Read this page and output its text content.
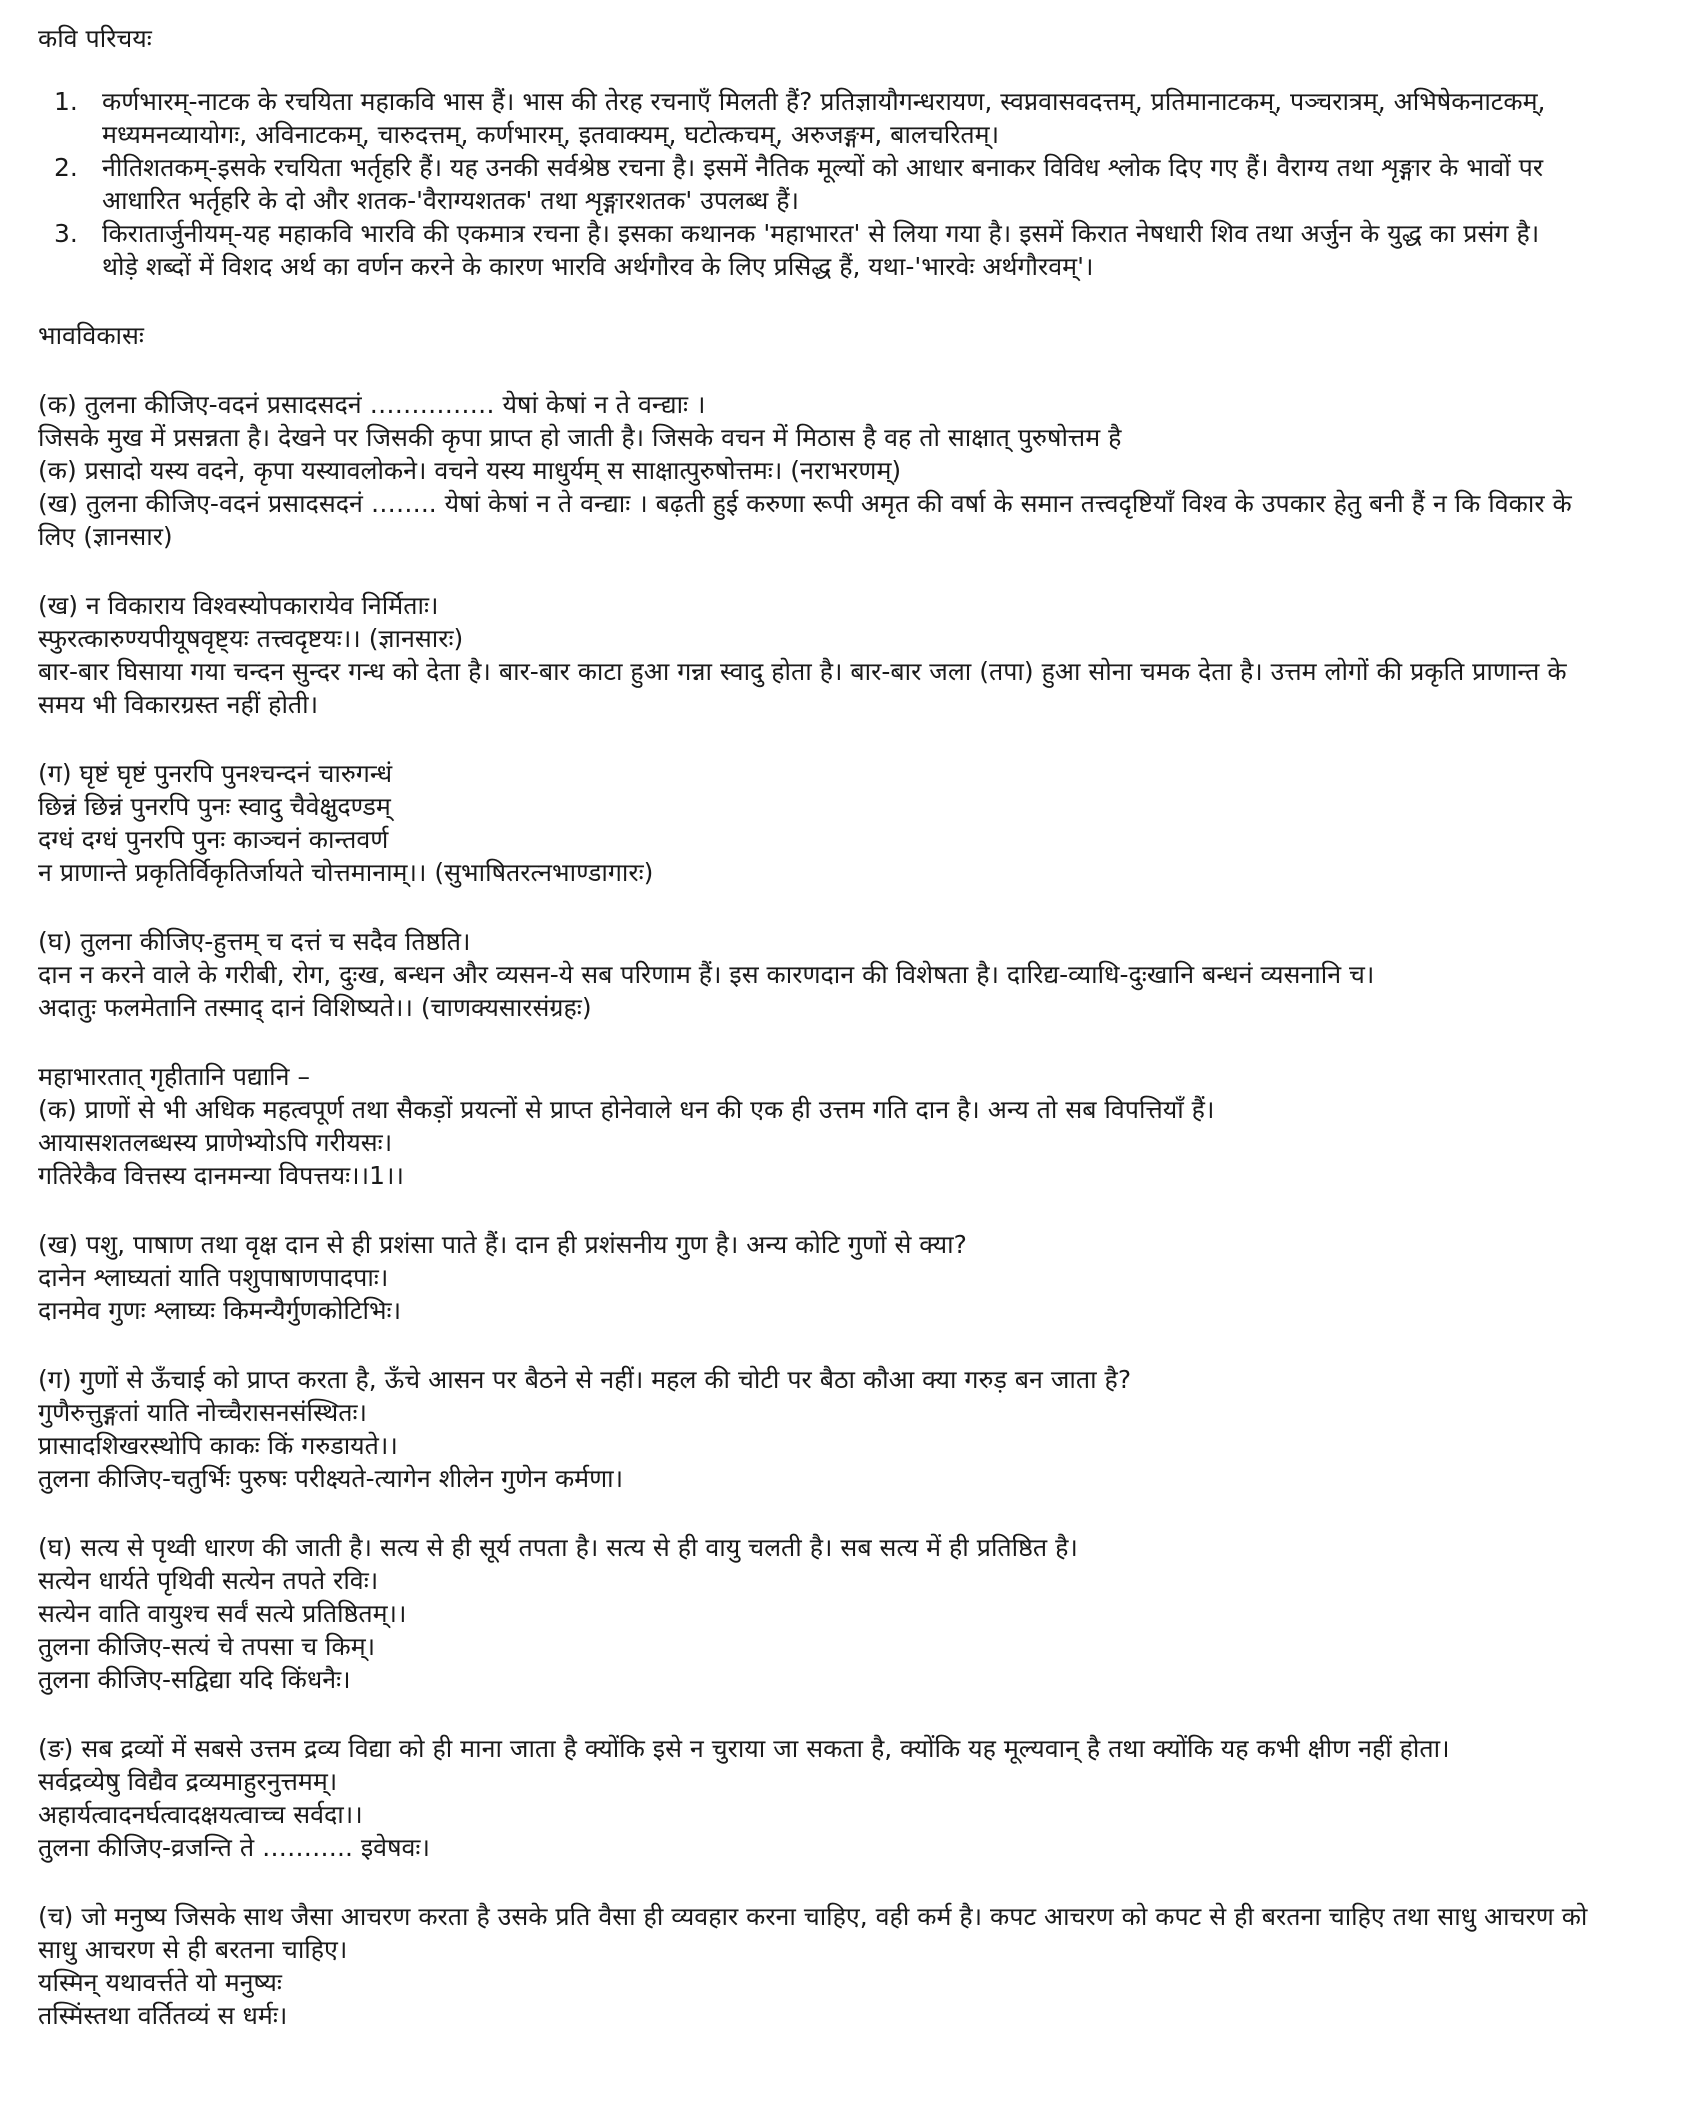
कवि परिचयः
1. कर्णभारम्-नाटक के रचयिता महाकवि भास हैं। भास की तेरह रचनाएँ मिलती हैं? प्रतिज्ञायौगन्धरायण, स्वप्नवासवदत्तम्, प्रतिमानाटकम्, पञ्चरात्रम्, अभिषेकनाटकम्,
मध्यमनव्यायोगः, अविनाटकम्, चारुदत्तम्, कर्णभारम्, इतवाक्यम्, घटोत्कचम्, अरुजङ्गम, बालचरितम्।
2. नीतिशतकम्-इसके रचयिता भर्तृहरि हैं। यह उनकी सर्वश्रेष्ठ रचना है। इसमें नैतिक मूल्यों को आधार बनाकर विविध श्लोक दिए गए हैं। वैराग्य तथा शृङ्गार के भावों पर
आधारित भर्तृहरि के दो और शतक-'वैराग्यशतक' तथा शृङ्गारशतक' उपलब्ध हैं।
3. किरातार्जुनीयम्-यह महाकवि भारवि की एकमात्र रचना है। इसका कथानक 'महाभारत' से लिया गया है। इसमें किरात नेषधारी शिव तथा अर्जुन के युद्ध का प्रसंग है।
थोड़े शब्दों में विशद अर्थ का वर्णन करने के कारण भारवि अर्थगौरव के लिए प्रसिद्ध हैं, यथा-'भारवेः अर्थगौरवम्'।
भावविकासः
(क) तुलना कीजिए-वदनं प्रसादसदनं …………… येषां केषां न ते वन्द्याः ।
जिसके मुख में प्रसन्नता है। देखने पर जिसकी कृपा प्राप्त हो जाती है। जिसके वचन में मिठास है वह तो साक्षात् पुरुषोत्तम है
(क) प्रसादो यस्य वदने, कृपा यस्यावलोकने। वचने यस्य माधुर्यम् स साक्षात्पुरुषोत्तमः। (नराभरणम्)
(ख) तुलना कीजिए-वदनं प्रसादसदनं …….. येषां केषां न ते वन्द्याः । बढ़ती हुई करुणा रूपी अमृत की वर्षा के समान तत्त्वदृष्टियाँ विश्व के उपकार हेतु बनी हैं न कि विकार के
लिए (ज्ञानसार)
(ख) न विकाराय विश्वस्योपकारायेव निर्मिताः।
स्फुरत्कारुण्यपीयूषवृष्ट्यः तत्त्वदृष्टयः।। (ज्ञानसारः)
बार-बार घिसाया गया चन्दन सुन्दर गन्ध को देता है। बार-बार काटा हुआ गन्ना स्वादु होता है। बार-बार जला (तपा) हुआ सोना चमक देता है। उत्तम लोगों की प्रकृति प्राणान्त के
समय भी विकारग्रस्त नहीं होती।
(ग) घृष्टं घृष्टं पुनरपि पुनश्चन्दनं चारुगन्धं
छिन्नं छिन्नं पुनरपि पुनः स्वादु चैवेक्षुदण्डम्
दग्धं दग्धं पुनरपि पुनः काञ्चनं कान्तवर्ण
न प्राणान्ते प्रकृतिर्विकृतिर्जायते चोत्तमानाम्।। (सुभाषितरत्नभाण्डागारः)
(घ) तुलना कीजिए-हुत्तम् च दत्तं च सदैव तिष्ठति।
दान न करने वाले के गरीबी, रोग, दुःख, बन्धन और व्यसन-ये सब परिणाम हैं। इस कारणदान की विशेषता है। दारिद्य-व्याधि-दुःखानि बन्धनं व्यसनानि च।
अदातुः फलमेतानि तस्माद् दानं विशिष्यते।। (चाणक्यसारसंग्रहः)
महाभारतात् गृहीतानि पद्यानि –
(क) प्राणों से भी अधिक महत्वपूर्ण तथा सैकड़ों प्रयत्नों से प्राप्त होनेवाले धन की एक ही उत्तम गति दान है। अन्य तो सब विपत्तियाँ हैं।
आयासशतलब्धस्य प्राणेभ्योऽपि गरीयसः।
गतिरेकैव वित्तस्य दानमन्या विपत्तयः।।1।।
(ख) पशु, पाषाण तथा वृक्ष दान से ही प्रशंसा पाते हैं। दान ही प्रशंसनीय गुण है। अन्य कोटि गुणों से क्या?
दानेन श्लाघ्यतां याति पशुपाषाणपादपाः।
दानमेव गुणः श्लाघ्यः किमन्यैर्गुणकोटिभिः।
(ग) गुणों से ऊँचाई को प्राप्त करता है, ऊँचे आसन पर बैठने से नहीं। महल की चोटी पर बैठा कौआ क्या गरुड़ बन जाता है?
गुणैरुत्तुङ्गतां याति नोच्चैरासनसंस्थितः।
प्रासादशिखरस्थोपि काकः किं गरुडायते।।
तुलना कीजिए-चतुर्भिः पुरुषः परीक्ष्यते-त्यागेन शीलेन गुणेन कर्मणा।
(घ) सत्य से पृथ्वी धारण की जाती है। सत्य से ही सूर्य तपता है। सत्य से ही वायु चलती है। सब सत्य में ही प्रतिष्ठित है।
सत्येन धार्यते पृथिवी सत्येन तपते रविः।
सत्येन वाति वायुश्च सर्वं सत्ये प्रतिष्ठितम्।।
तुलना कीजिए-सत्यं चे तपसा च किम्।
तुलना कीजिए-सद्विद्या यदि किंधनैः।
(ङ) सब द्रव्यों में सबसे उत्तम द्रव्य विद्या को ही माना जाता है क्योंकि इसे न चुराया जा सकता है, क्योंकि यह मूल्यवान् है तथा क्योंकि यह कभी क्षीण नहीं होता।
सर्वद्रव्येषु विद्यैव द्रव्यमाहुरनुत्तमम्।
अहार्यत्वादनर्घत्वादक्षयत्वाच्च सर्वदा।।
तुलना कीजिए-व्रजन्ति ते ……….. इवेषवः।
(च) जो मनुष्य जिसके साथ जैसा आचरण करता है उसके प्रति वैसा ही व्यवहार करना चाहिए, वही कर्म है। कपट आचरण को कपट से ही बरतना चाहिए तथा साधु आचरण को
साधु आचरण से ही बरतना चाहिए।
यस्मिन् यथावर्त्तते यो मनुष्यः
तस्मिंस्तथा वर्तितव्यं स धर्मः।
